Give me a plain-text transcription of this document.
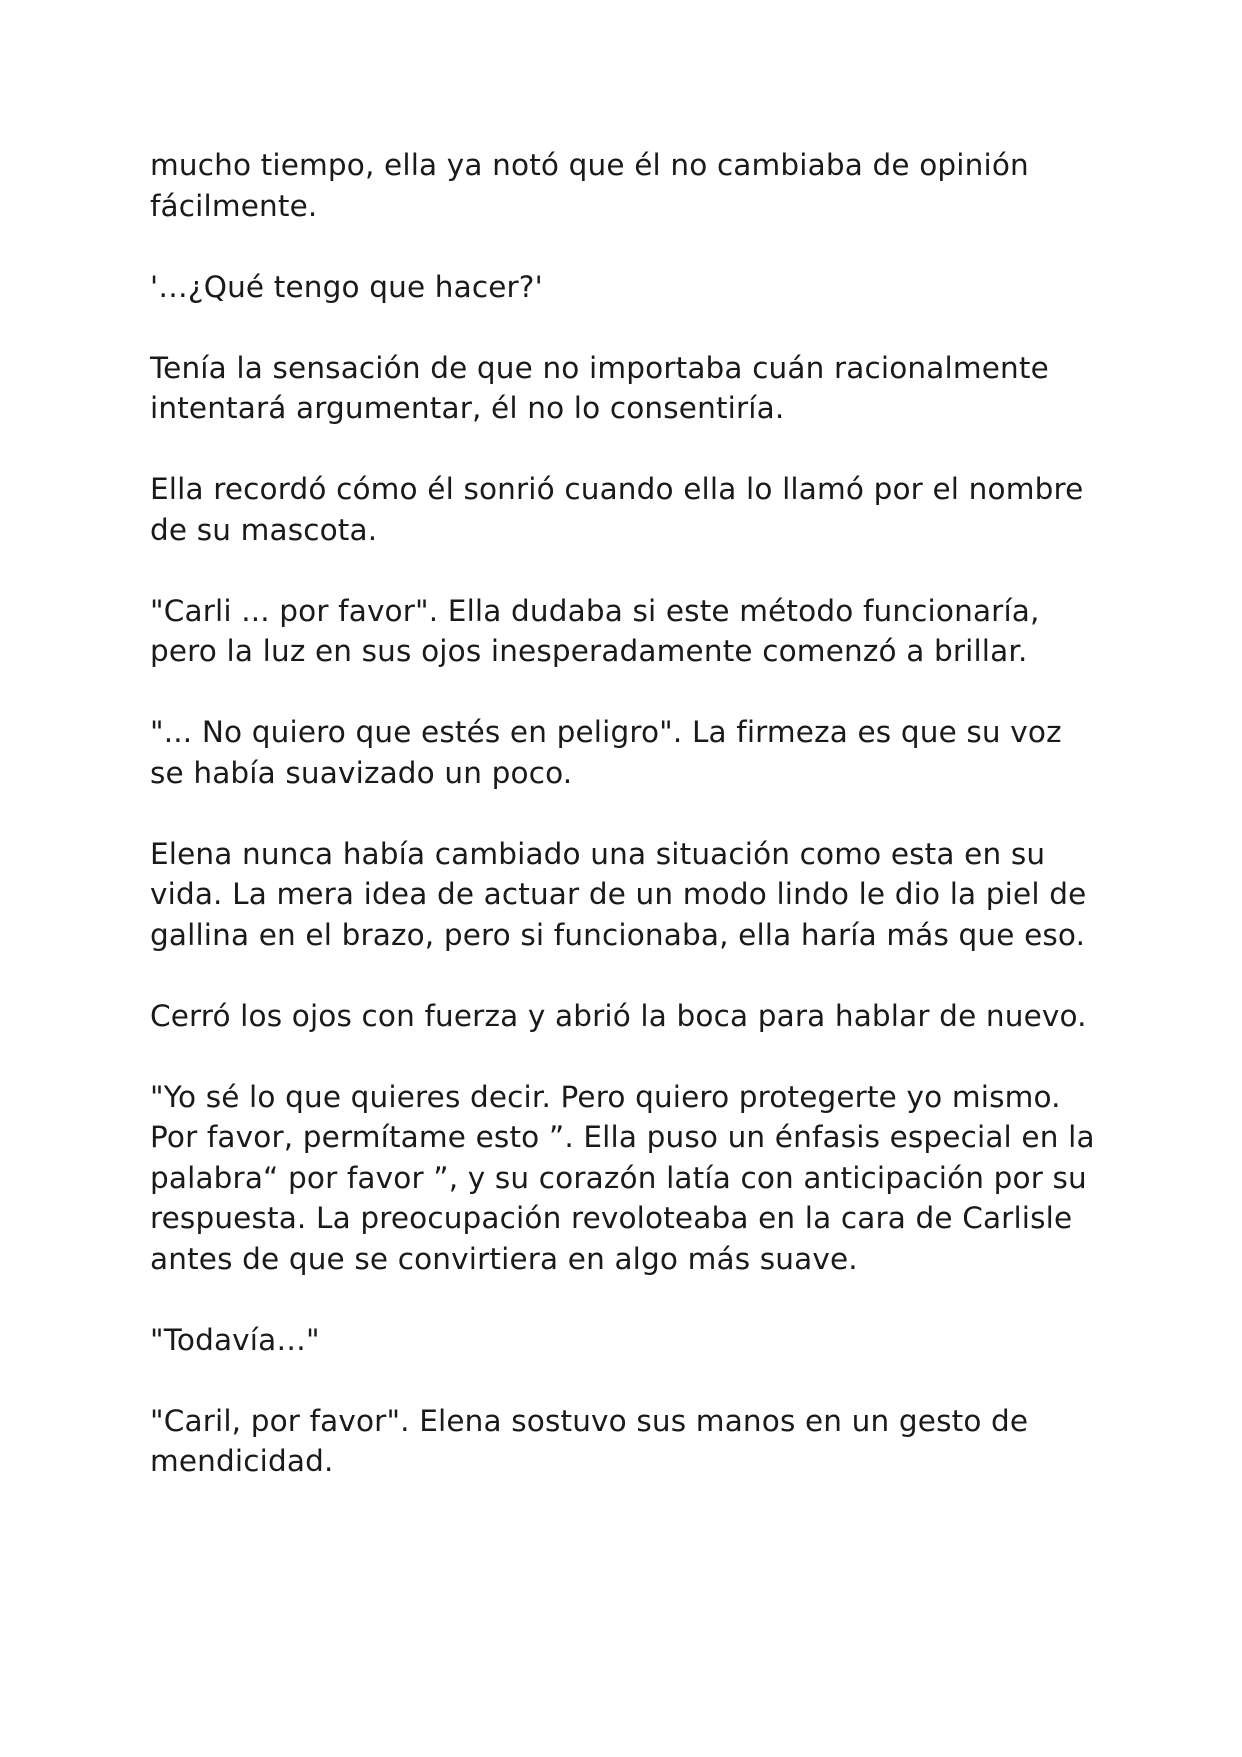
mucho tiempo, ella ya notó que él no cambiaba de opinión
fácilmente.

'…¿Qué tengo que hacer?'

Tenía la sensación de que no importaba cuán racionalmente
intentará argumentar, él no lo consentiría.

Ella recordó cómo él sonrió cuando ella lo llamó por el nombre
de su mascota.

"Carli ... por favor". Ella dudaba si este método funcionaría,
pero la luz en sus ojos inesperadamente comenzó a brillar.

"... No quiero que estés en peligro". La firmeza es que su voz
se había suavizado un poco.

Elena nunca había cambiado una situación como esta en su
vida. La mera idea de actuar de un modo lindo le dio la piel de
gallina en el brazo, pero si funcionaba, ella haría más que eso.

Cerró los ojos con fuerza y abrió la boca para hablar de nuevo.

"Yo sé lo que quieres decir. Pero quiero protegerte yo mismo.
Por favor, permítame esto ”. Ella puso un énfasis especial en la
palabra“ por favor ”, y su corazón latía con anticipación por su
respuesta. La preocupación revoloteaba en la cara de Carlisle
antes de que se convirtiera en algo más suave.

"Todavía…"

"Caril, por favor". Elena sostuvo sus manos en un gesto de
mendicidad.
